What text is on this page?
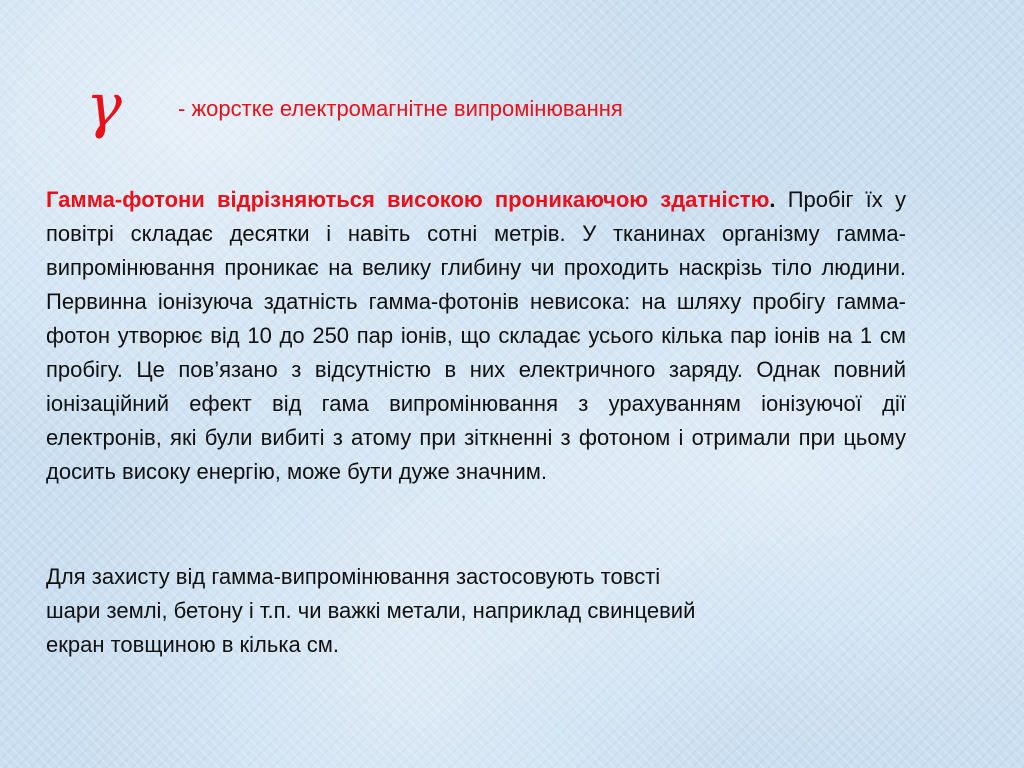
γ	- жорстке електромагнітне випромінювання

Гамма-фотони відрізняються високою проникаючою здатністю. Пробіг їх у повітрі складає десятки і навіть сотні метрів. У тканинах організму гамма-випромінювання проникає на велику глибину чи проходить наскрізь тіло людини. Первинна іонізуюча здатність гамма-фотонів невисока: на шляху пробігу гамма-фотон утворює від 10 до 250 пар іонів, що складає усього кілька пар іонів на 1 см пробігу. Це пов’язано з відсутністю в них електричного заряду. Однак повний іонізаційний ефект від гама випромінювання з урахуванням іонізуючої дії електронів, які були вибиті з атому при зіткненні з фотоном і отримали при цьому досить високу енергію, може бути дуже значним.

Для захисту від гамма-випромінювання застосовують товсті
шари землі, бетону і т.п. чи важкі метали, наприклад свинцевий
екран товщиною в кілька см.
